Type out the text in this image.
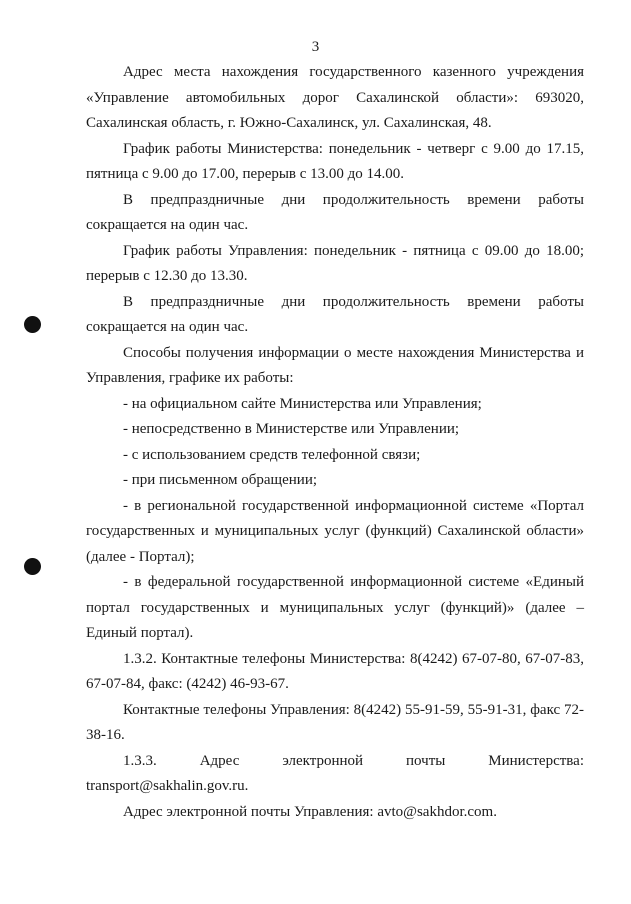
3

Адрес места нахождения государственного казенного учреждения «Управление автомобильных дорог Сахалинской области»: 693020, Сахалинская область, г. Южно-Сахалинск, ул. Сахалинская, 48.

График работы Министерства: понедельник - четверг с 9.00 до 17.15, пятница с 9.00 до 17.00, перерыв с 13.00 до 14.00.

В предпраздничные дни продолжительность времени работы сокращается на один час.

График работы Управления: понедельник - пятница с 09.00 до 18.00; перерыв с 12.30 до 13.30.

В предпраздничные дни продолжительность времени работы сокращается на один час.

Способы получения информации о месте нахождения Министерства и Управления, графике их работы:

- на официальном сайте Министерства или Управления;

- непосредственно в Министерстве или Управлении;

- с использованием средств телефонной связи;

- при письменном обращении;

- в региональной государственной информационной системе «Портал государственных и муниципальных услуг (функций) Сахалинской области» (далее - Портал);

- в федеральной государственной информационной системе «Единый портал государственных и муниципальных услуг (функций)» (далее – Единый портал).

1.3.2. Контактные телефоны Министерства: 8(4242) 67-07-80, 67-07-83, 67-07-84, факс: (4242) 46-93-67.

Контактные телефоны Управления: 8(4242) 55-91-59, 55-91-31, факс 72-38-16.

1.3.3. Адрес электронной почты Министерства: transport@sakhalin.gov.ru.

Адрес электронной почты Управления: avto@sakhdor.com.
